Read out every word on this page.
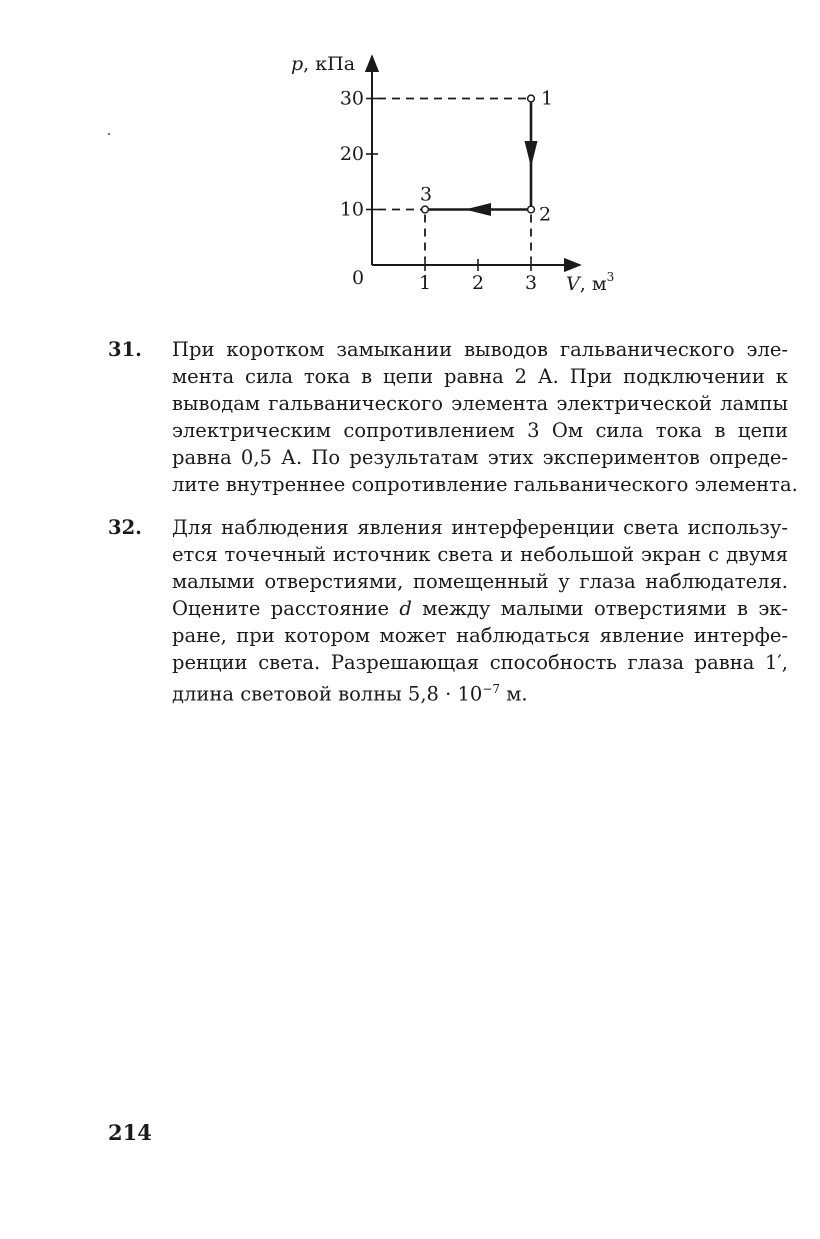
p, кПа
V, $м^3$
0
10
20
30
1 2 3
1
2
3
31. При коротком замыкании выводов гальванического эле-
мента сила тока в цепи равна 2 А. При подключении к
выводам гальванического элемента электрической лампы
электрическим сопротивлением 3 Ом сила тока в цепи
равна 0,5 А. По результатам этих экспериментов опреде-
лите внутреннее сопротивление гальванического элемента.
32. Для наблюдения явления интерференции света использу-
ется точечный источник света и небольшой экран с двумя
малыми отверстиями, помещенный у глаза наблюдателя.
Оцените расстояние d между малыми отверстиями в эк-
ране, при котором может наблюдаться явление интерфе-
ренции света. Разрешающая способность глаза равна 1′,
длина световой волны $5,8 \cdot 10^{-7}$ м.
214
